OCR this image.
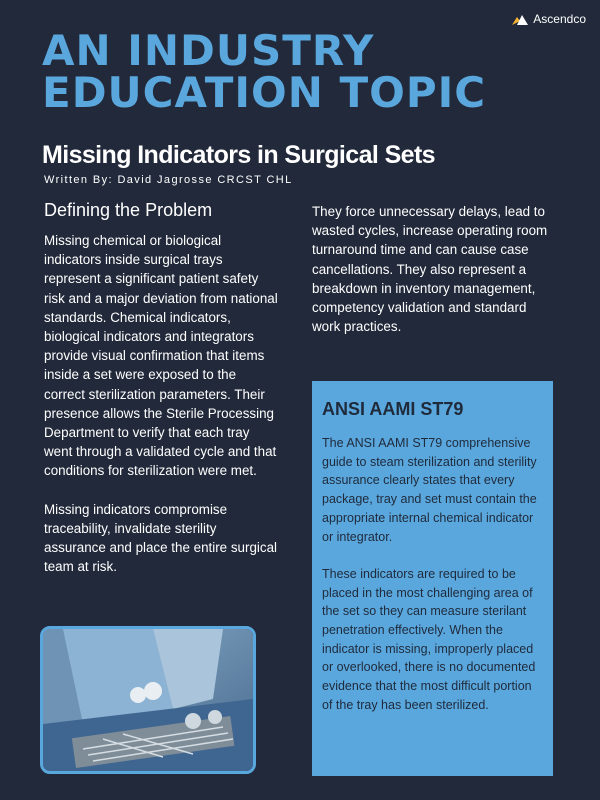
Ascendco
AN INDUSTRY
EDUCATION TOPIC
Missing Indicators in Surgical Sets
Written By: David Jagrosse CRCST CHL
Defining the Problem

Missing chemical or biological indicators inside surgical trays represent a significant patient safety risk and a major deviation from national standards. Chemical indicators, biological indicators and integrators provide visual confirmation that items inside a set were exposed to the correct sterilization parameters. Their presence allows the Sterile Processing Department to verify that each tray went through a validated cycle and that conditions for sterilization were met.

Missing indicators compromise traceability, invalidate sterility assurance and place the entire surgical team at risk.

They force unnecessary delays, lead to wasted cycles, increase operating room turnaround time and can cause case cancellations. They also represent a breakdown in inventory management, competency validation and standard work practices.

ANSI AAMI ST79

The ANSI AAMI ST79 comprehensive guide to steam sterilization and sterility assurance clearly states that every package, tray and set must contain the appropriate internal chemical indicator or integrator.

These indicators are required to be placed in the most challenging area of the set so they can measure sterilant penetration effectively. When the indicator is missing, improperly placed or overlooked, there is no documented evidence that the most difficult portion of the tray has been sterilized.
